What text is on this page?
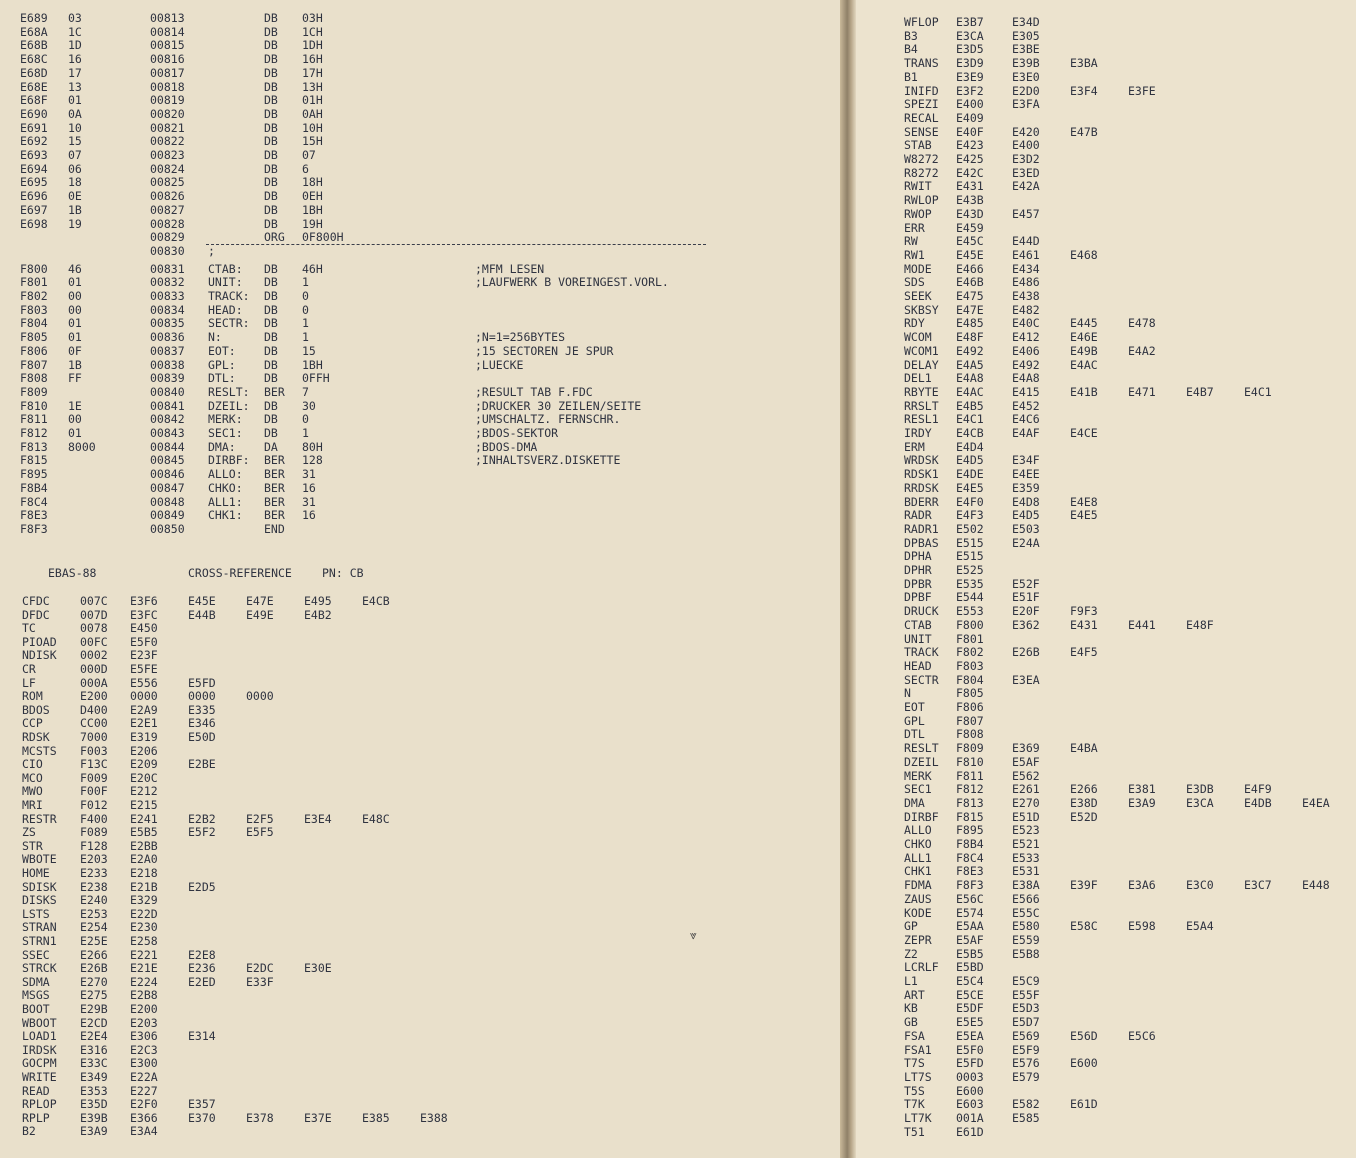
E689 03	00813	DB 03H
E68A 1C	00814	DB 1CH
E68B 1D	00815	DB 1DH
E68C 16	00816	DB 16H
E68D 17	00817	DB 17H
E68E 13	00818	DB 13H
E68F 01	00819	DB 01H
E690 0A	00820	DB 0AH
E691 10	00821	DB 10H
E692 15	00822	DB 15H
E693 07	00823	DB 07
E694 06	00824	DB 6
E695 18	00825	DB 18H
E696 0E	00826	DB 0EH
E697 1B	00827	DB 1BH
E698 19	00828	DB 19H
00829	ORG 0F800H
00830 ;
F800 46	00831 CTAB: DB 46H	;MFM LESEN
F801 01	00832 UNIT: DB 1	;LAUFWERK B VOREINGEST.VORL.
F802 00	00833 TRACK: DB 0
F803 00	00834 HEAD: DB 0
F804 01	00835 SECTR: DB 1
F805 01	00836 N:	DB 1	;N=1=256BYTES
F806 0F	00837 EOT: DB 15	;15 SECTOREN JE SPUR
F807 1B	00838 GPL: DB 1BH	;LUECKE
F808 FF	00839 DTL: DB 0FFH
F809	00840 RESLT: BER 7	;RESULT TAB F.FDC
F810 1E	00841 DZEIL: DB 30	;DRUCKER 30 ZEILEN/SEITE
F811 00	00842 MERK: DB 0	;UMSCHALTZ. FERNSCHR.
F812 01	00843 SEC1: DB 1	;BDOS-SEKTOR
F813 8000	00844 DMA: DA 80H	;BDOS-DMA
F815	00845 DIRBF: BER 128	;INHALTSVERZ.DISKETTE
F895	00846 ALLO: BER 31
F8B4	00847 CHKO: BER 16
F8C4	00848 ALL1: BER 31
F8E3	00849 CHK1: BER 16
F8F3	00850	END
EBAS-88	CROSS-REFERENCE	PN: CB
CFDC	007C E3F6	E45E	E47E	E495	E4CB
DFDC	007D E3FC	E44B	E49E	E4B2
TC	0078 E450
PIOAD 00FC E5F0
NDISK 0002 E23F
CR	000D E5FE
LF	000A E556	E5FD
ROM	E200 0000	0000	0000
BDOS	D400 E2A9	E335
CCP	CC00 E2E1	E346
RDSK	7000 E319	E50D
MCSTS F003 E206
CIO	F13C E209	E2BE
MCO	F009 E20C
MWO	F00F E212
MRI	F012 E215
RESTR F400 E241	E2B2	E2F5	E3E4	E48C
ZS	F089 E5B5	E5F2	E5F5
STR	F128 E2BB
WBOTE E203 E2A0
HOME	E233 E218
SDISK E238 E21B	E2D5
DISKS E240 E329
LSTS	E253 E22D
STRAN E254 E230
STRN1 E25E E258
SSEC	E266 E221	E2E8
STRCK E26B E21E	E236	E2DC	E30E
SDMA	E270 E224	E2ED	E33F
MSGS	E275 E2B8
BOOT	E29B E200
WBOOT E2CD E203
LOAD1 E2E4 E306	E314
IRDSK E316 E2C3
GOCPM E33C E300
WRITE E349 E22A
READ	E353 E227
RPLOP E35D E2F0	E357
RPLP	E39B E366	E370	E378	E37E	E385	E388
B2	E3A9 E3A4
⩔
WFLOP E3B7 E34D
B3	E3CA E305
B4	E3D5 E3BE
TRANS E3D9 E39B	E3BA
B1	E3E9 E3E0
INIFD E3F2 E2D0	E3F4	E3FE
SPEZI E400 E3FA
RECAL E409
SENSE E40F E420	E47B
STAB E423 E400
W8272 E425 E3D2
R8272 E42C E3ED
RWIT E431 E42A
RWLOP E43B
RWOP E43D E457
ERR	E459
RW	E45C E44D
RW1	E45E E461	E468
MODE E466 E434
SDS	E46B E486
SEEK E475 E438
SKBSY E47E E482
RDY	E485 E40C	E445	E478
WCOM E48F E412	E46E
WCOM1 E492 E406	E49B	E4A2
DELAY E4A5 E492	E4AC
DEL1 E4A8 E4A8
RBYTE E4AC E415	E41B	E471	E4B7	E4C1
RRSLT E4B5 E452
RESL1 E4C1 E4C6
IRDY E4CB E4AF	E4CE
ERM	E4D4
WRDSK E4D5 E34F
RDSK1 E4DE E4EE
RRDSK E4E5 E359
BDERR E4F0 E4D8	E4E8
RADR E4F3 E4D5	E4E5
RADR1 E502 E503
DPBAS E515 E24A
DPHA E515
DPHR E525
DPBR E535 E52F
DPBF E544 E51F
DRUCK E553 E20F	F9F3
CTAB F800 E362	E431	E441	E48F
UNIT F801
TRACK F802 E26B	E4F5
HEAD F803
SECTR F804 E3EA
N	F805
EOT	F806
GPL	F807
DTL	F808
RESLT F809 E369	E4BA
DZEIL F810 E5AF
MERK F811 E562
SEC1 F812 E261	E266	E381	E3DB	E4F9
DMA	F813 E270	E38D	E3A9	E3CA	E4DB	E4EA
DIRBF F815 E51D	E52D
ALLO F895 E523
CHKO F8B4 E521
ALL1 F8C4 E533
CHK1 F8E3 E531
FDMA F8F3 E38A	E39F	E3A6	E3C0	E3C7	E448
ZAUS E56C E566
KODE E574 E55C
GP	E5AA E580	E58C	E598	E5A4
ZEPR E5AF E559
Z2	E5B5 E5B8
LCRLF E5BD
L1	E5C4 E5C9
ART	E5CE E55F
KB	E5DF E5D3
GB	E5E5 E5D7
FSA	E5EA E569	E56D	E5C6
FSA1 E5F0 E5F9
T7S	E5FD E576	E600
LT7S 0003 E579
T5S	E600
T7K	E603 E582	E61D
LT7K 001A E585
T51	E61D
